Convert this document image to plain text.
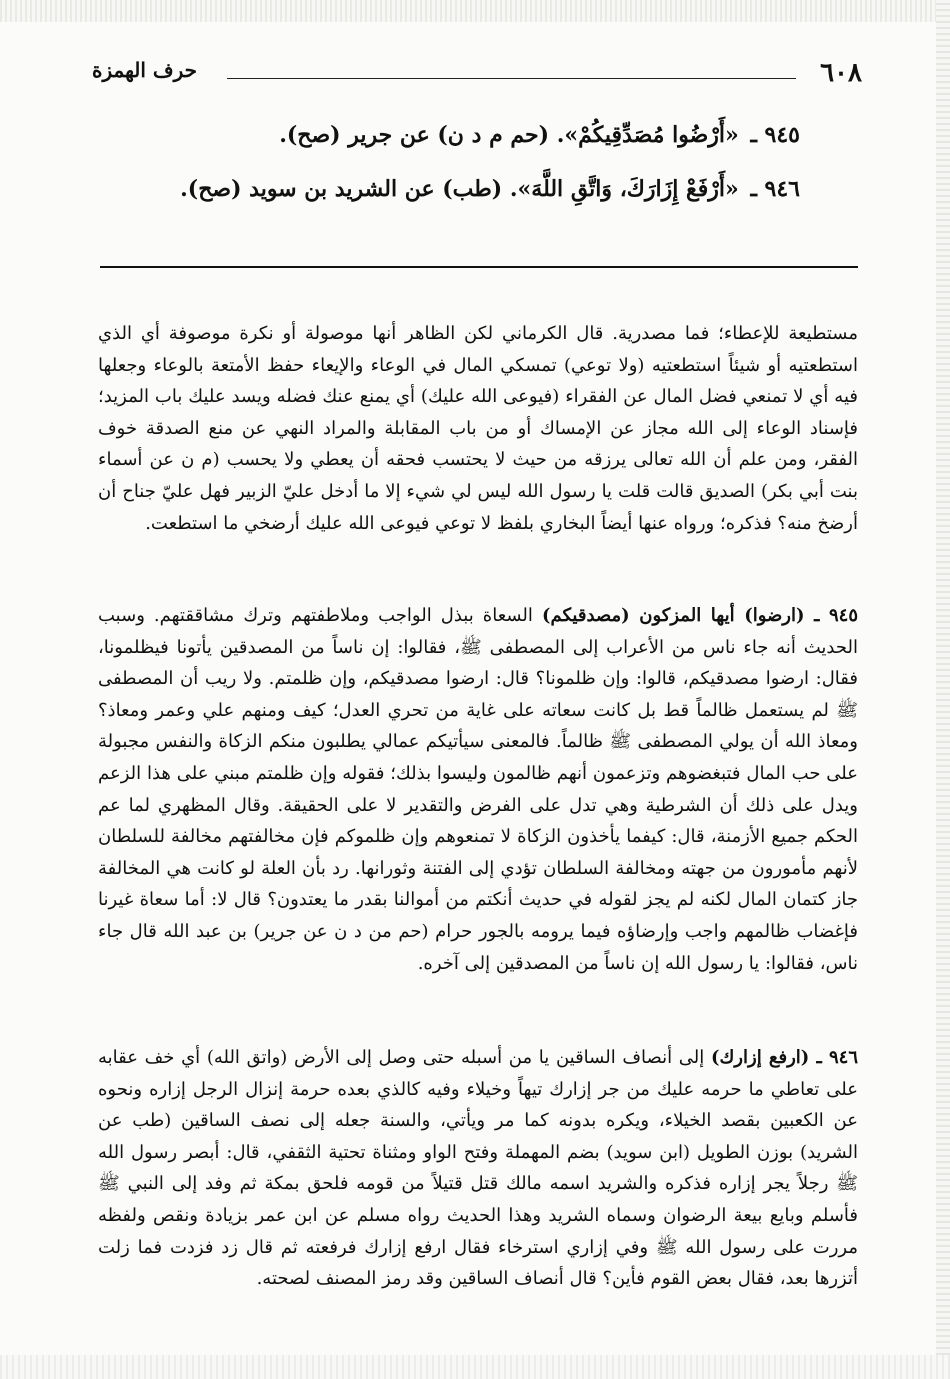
٦٠٨
حرف الهمزة
٩٤٥ ـ «أَرْضُوا مُصَدِّقِيكُمْ». (حم م د ن) عن جرير (صح).
٩٤٦ ـ «أَرْفَعْ إِزَارَكَ، وَاتَّقِ اللَّهَ». (طب) عن الشريد بن سويد (صح).

مستطيعة للإعطاء؛ فما مصدرية. قال الكرماني لكن الظاهر أنها موصولة أو نكرة موصوفة أي الذي استطعتيه أو شيئاً استطعتيه (ولا توعي) تمسكي المال في الوعاء والإيعاء حفظ الأمتعة بالوعاء وجعلها فيه أي لا تمنعي فضل المال عن الفقراء (فيوعى الله عليك) أي يمنع عنك فضله ويسد عليك باب المزيد؛ فإسناد الوعاء إلى الله مجاز عن الإمساك أو من باب المقابلة والمراد النهي عن منع الصدقة خوف الفقر، ومن علم أن الله تعالى يرزقه من حيث لا يحتسب فحقه أن يعطي ولا يحسب (م ن عن أسماء بنت أبي بكر) الصديق قالت قلت يا رسول الله ليس لي شيء إلا ما أدخل عليّ الزبير فهل عليّ جناح أن أرضخ منه؟ فذكره؛ ورواه عنها أيضاً البخاري بلفظ لا توعي فيوعى الله عليك أرضخي ما استطعت.

٩٤٥ ـ (ارضوا) أيها المزكون (مصدقيكم) السعاة ببذل الواجب وملاطفتهم وترك مشاققتهم. وسبب الحديث أنه جاء ناس من الأعراب إلى المصطفى ﷺ، فقالوا: إن ناساً من المصدقين يأتونا فيظلمونا، فقال: ارضوا مصدقيكم، قالوا: وإن ظلمونا؟ قال: ارضوا مصدقيكم، وإن ظلمتم. ولا ريب أن المصطفى ﷺ لم يستعمل ظالماً قط بل كانت سعاته على غاية من تحري العدل؛ كيف ومنهم علي وعمر ومعاذ؟ ومعاذ الله أن يولي المصطفى ﷺ ظالماً. فالمعنى سيأتيكم عمالي يطلبون منكم الزكاة والنفس مجبولة على حب المال فتبغضوهم وتزعمون أنهم ظالمون وليسوا بذلك؛ فقوله وإن ظلمتم مبني على هذا الزعم ويدل على ذلك أن الشرطية وهي تدل على الفرض والتقدير لا على الحقيقة. وقال المظهري لما عم الحكم جميع الأزمنة، قال: كيفما يأخذون الزكاة لا تمنعوهم وإن ظلموكم فإن مخالفتهم مخالفة للسلطان لأنهم مأمورون من جهته ومخالفة السلطان تؤدي إلى الفتنة وثورانها. رد بأن العلة لو كانت هي المخالفة جاز كتمان المال لكنه لم يجز لقوله في حديث أنكتم من أموالنا بقدر ما يعتدون؟ قال لا: أما سعاة غيرنا فإغضاب ظالمهم واجب وإرضاؤه فيما يرومه بالجور حرام (حم من د ن عن جرير) بن عبد الله قال جاء ناس، فقالوا: يا رسول الله إن ناساً من المصدقين إلى آخره.

٩٤٦ ـ (ارفع إزارك) إلى أنصاف الساقين يا من أسبله حتى وصل إلى الأرض (واتق الله) أي خف عقابه على تعاطي ما حرمه عليك من جر إزارك تيهاً وخيلاء وفيه كالذي بعده حرمة إنزال الرجل إزاره ونحوه عن الكعبين بقصد الخيلاء، ويكره بدونه كما مر ويأتي، والسنة جعله إلى نصف الساقين (طب عن الشريد) بوزن الطويل (ابن سويد) بضم المهملة وفتح الواو ومثناة تحتية الثقفي، قال: أبصر رسول الله ﷺ رجلاً يجر إزاره فذكره والشريد اسمه مالك قتل قتيلاً من قومه فلحق بمكة ثم وفد إلى النبي ﷺ فأسلم وبايع بيعة الرضوان وسماه الشريد وهذا الحديث رواه مسلم عن ابن عمر بزيادة ونقص ولفظه مررت على رسول الله ﷺ وفي إزاري استرخاء فقال ارفع إزارك فرفعته ثم قال زد فزدت فما زلت أتزرها بعد، فقال بعض القوم فأين؟ قال أنصاف الساقين وقد رمز المصنف لصحته.
